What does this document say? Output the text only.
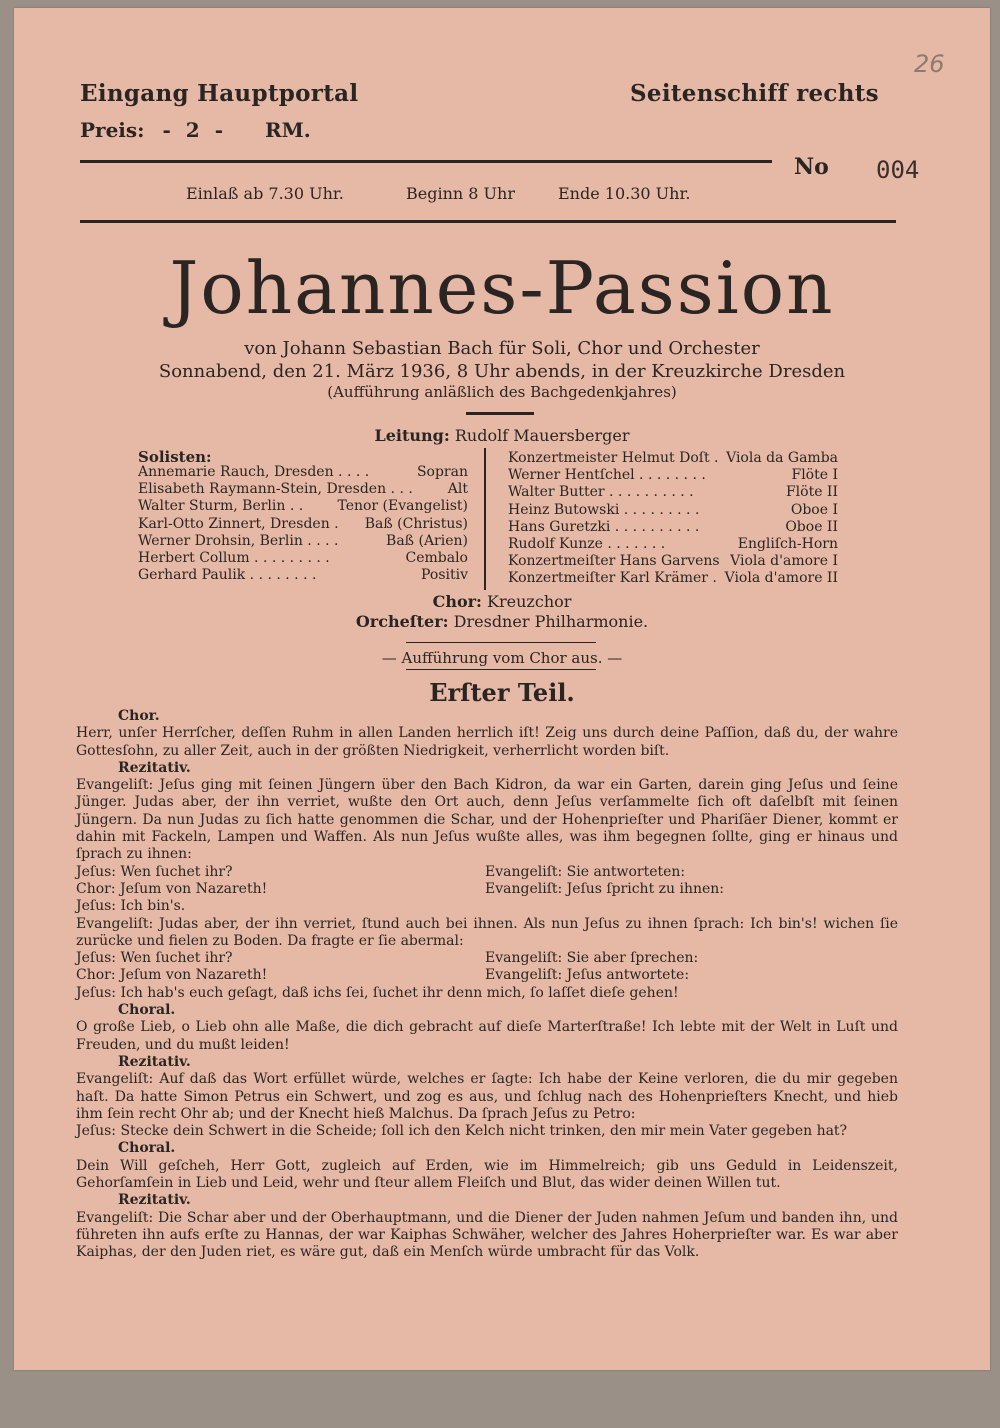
26
Eingang Hauptportal	Seitenschiff rechts
Preis: - 2 - RM.
No 004
Einlaß ab 7.30 Uhr.	Beginn 8 Uhr	Ende 10.30 Uhr.
Johannes-Passion
von Johann Sebastian Bach für Soli, Chor und Orchester
Sonnabend, den 21. März 1936, 8 Uhr abends, in der Kreuzkirche Dresden
(Aufführung anläßlich des Bachgedenkjahres)
Leitung: Rudolf Mauersberger
Solisten:
Annemarie Rauch, Dresden . . . .	Sopran
Elisabeth Raymann-Stein, Dresden . . . Alt
Walter Sturm, Berlin . . Tenor (Evangelist)
Karl-Otto Zinnert, Dresden . Baß (Christus)
Werner Drohsin, Berlin . . . .	Baß (Arien)
Herbert Collum . . . . . . . . .	Cembalo
Gerhard Paulik . . . . . . . .	Positiv
Konzertmeister Helmut Doſt . Viola da Gamba
Werner Hentſchel . . . . . . . .	Flöte I
Walter Butter . . . . . . . . . .	Flöte II
Heinz Butowski . . . . . . . . .	Oboe I
Hans Guretzki . . . . . . . . . .	Oboe II
Rudolf Kunze . . . . . . .	Engliſch-Horn
Konzertmeiſter Hans Garvens Viola d'amore I
Konzertmeiſter Karl Krämer . Viola d'amore II
Chor: Kreuzchor
Orcheſter: Dresdner Philharmonie.
— Aufführung vom Chor aus. —
Erſter Teil.
Chor.
Herr, unſer Herrſcher, deſſen Ruhm in allen Landen herrlich iſt! Zeig uns durch deine Paſſion, daß du, der wahre Gottesſohn, zu aller Zeit, auch in der größten Niedrigkeit, verherrlicht worden biſt.
Rezitativ.
Evangeliſt: Jeſus ging mit ſeinen Jüngern über den Bach Kidron, da war ein Garten, darein ging Jeſus und ſeine Jünger. Judas aber, der ihn verriet, wußte den Ort auch, denn Jeſus verſammelte ſich oft daſelbſt mit ſeinen Jüngern. Da nun Judas zu ſich hatte genommen die Schar, und der Hohenprieſter und Phariſäer Diener, kommt er dahin mit Fackeln, Lampen und Waffen. Als nun Jeſus wußte alles, was ihm begegnen ſollte, ging er hinaus und ſprach zu ihnen:
Jeſus: Wen ſuchet ihr?	Evangeliſt: Sie antworteten:
Chor: Jeſum von Nazareth!	Evangeliſt: Jeſus ſpricht zu ihnen:
Jeſus: Ich bin's.
Evangeliſt: Judas aber, der ihn verriet, ſtund auch bei ihnen. Als nun Jeſus zu ihnen ſprach: Ich bin's! wichen ſie zurücke und fielen zu Boden. Da fragte er ſie abermal:
Jeſus: Wen ſuchet ihr?	Evangeliſt: Sie aber ſprechen:
Chor: Jeſum von Nazareth!	Evangeliſt: Jeſus antwortete:
Jeſus: Ich hab's euch geſagt, daß ichs ſei, ſuchet ihr denn mich, ſo laſſet dieſe gehen!
Choral.
O große Lieb, o Lieb ohn alle Maße, die dich gebracht auf dieſe Marterſtraße! Ich lebte mit der Welt in Luſt und Freuden, und du mußt leiden!
Rezitativ.
Evangeliſt: Auf daß das Wort erfüllet würde, welches er ſagte: Ich habe der Keine verloren, die du mir gegeben haſt. Da hatte Simon Petrus ein Schwert, und zog es aus, und ſchlug nach des Hohenprieſters Knecht, und hieb ihm ſein recht Ohr ab; und der Knecht hieß Malchus. Da ſprach Jeſus zu Petro:
Jeſus: Stecke dein Schwert in die Scheide; ſoll ich den Kelch nicht trinken, den mir mein Vater gegeben hat?
Choral.
Dein Will geſcheh, Herr Gott, zugleich auf Erden, wie im Himmelreich; gib uns Geduld in Leidenszeit, Gehorſamſein in Lieb und Leid, wehr und ſteur allem Fleiſch und Blut, das wider deinen Willen tut.
Rezitativ.
Evangeliſt: Die Schar aber und der Oberhauptmann, und die Diener der Juden nahmen Jeſum und banden ihn, und führeten ihn aufs erſte zu Hannas, der war Kaiphas Schwäher, welcher des Jahres Hoherprieſter war. Es war aber Kaiphas, der den Juden riet, es wäre gut, daß ein Menſch würde umbracht für das Volk.
